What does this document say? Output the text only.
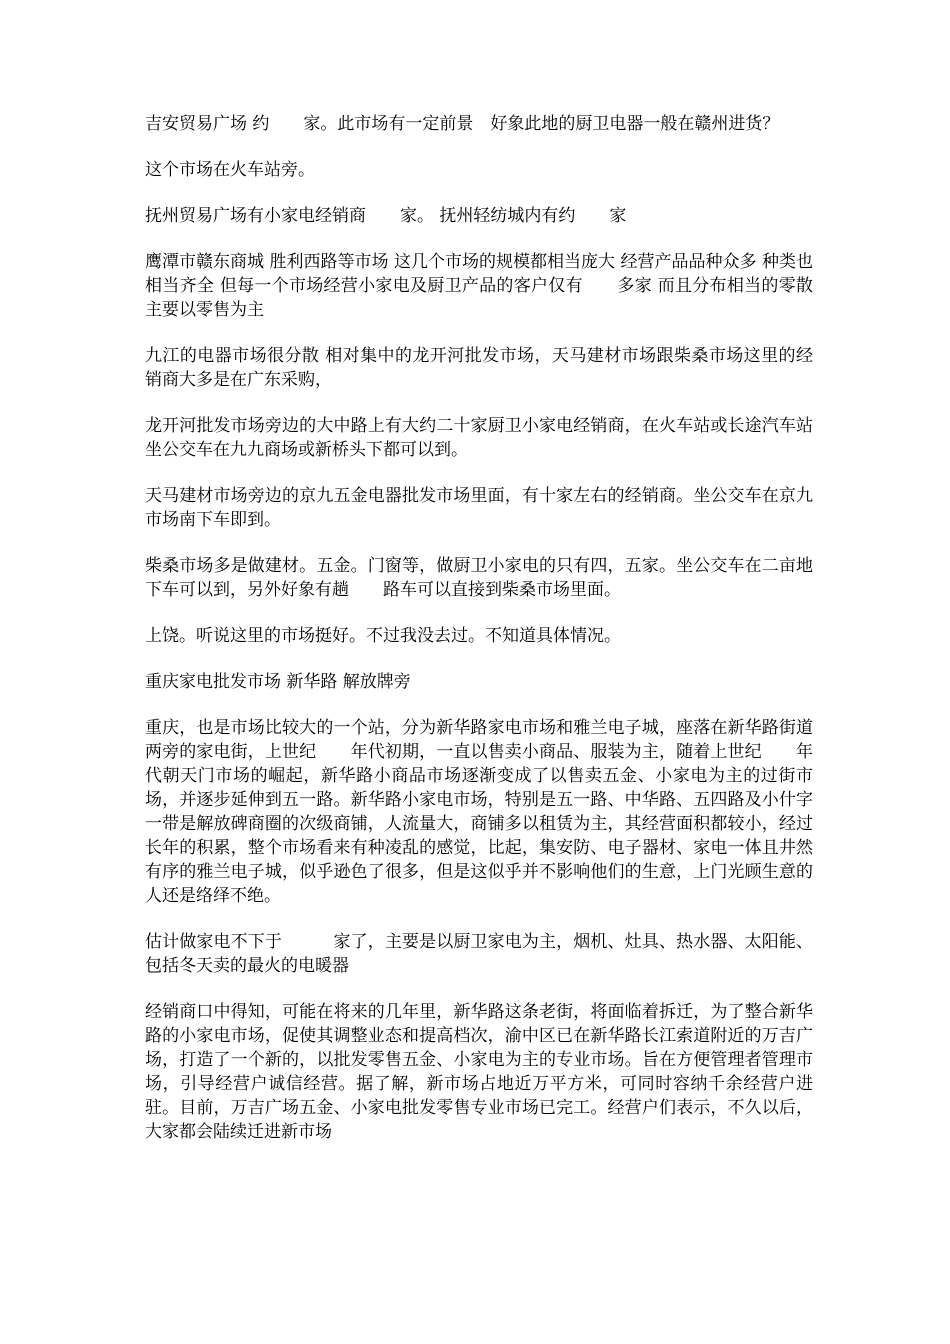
吉安贸易广场 约　　家。此市场有一定前景　好象此地的厨卫电器一般在赣州进货？

这个市场在火车站旁。

抚州贸易广场有小家电经销商　　家。 抚州轻纺城内有约　　家

鹰潭市赣东商城 胜利西路等市场 这几个市场的规模都相当庞大 经营产品品种众多 种类也相当齐全 但每一个市场经营小家电及厨卫产品的客户仅有　　多家 而且分布相当的零散 主要以零售为主

九江的电器市场很分散 相对集中的龙开河批发市场，天马建材市场跟柴桑市场这里的经销商大多是在广东采购，

龙开河批发市场旁边的大中路上有大约二十家厨卫小家电经销商，在火车站或长途汽车站坐公交车在九九商场或新桥头下都可以到。

天马建材市场旁边的京九五金电器批发市场里面，有十家左右的经销商。坐公交车在京九市场南下车即到。

柴桑市场多是做建材。五金。门窗等，做厨卫小家电的只有四，五家。坐公交车在二亩地下车可以到，另外好象有趟　　路车可以直接到柴桑市场里面。

上饶。听说这里的市场挺好。不过我没去过。不知道具体情况。

重庆家电批发市场 新华路 解放牌旁

重庆，也是市场比较大的一个站，分为新华路家电市场和雅兰电子城，座落在新华路街道两旁的家电街，上世纪　　年代初期，一直以售卖小商品、服装为主，随着上世纪　　年代朝天门市场的崛起，新华路小商品市场逐渐变成了以售卖五金、小家电为主的过街市场，并逐步延伸到五一路。新华路小家电市场，特别是五一路、中华路、五四路及小什字一带是解放碑商圈的次级商铺，人流量大，商铺多以租赁为主，其经营面积都较小，经过长年的积累，整个市场看来有种凌乱的感觉，比起，集安防、电子器材、家电一体且井然有序的雅兰电子城，似乎逊色了很多，但是这似乎并不影响他们的生意，上门光顾生意的人还是络绎不绝。

估计做家电不下于　　　家了，主要是以厨卫家电为主，烟机、灶具、热水器、太阳能、包括冬天卖的最火的电暖器

经销商口中得知，可能在将来的几年里，新华路这条老街，将面临着拆迁，为了整合新华路的小家电市场，促使其调整业态和提高档次，渝中区已在新华路长江索道附近的万吉广场，打造了一个新的，以批发零售五金、小家电为主的专业市场。旨在方便管理者管理市场，引导经营户诚信经营。据了解，新市场占地近万平方米，可同时容纳千余经营户进驻。目前，万吉广场五金、小家电批发零售专业市场已完工。经营户们表示，不久以后，大家都会陆续迁进新市场
